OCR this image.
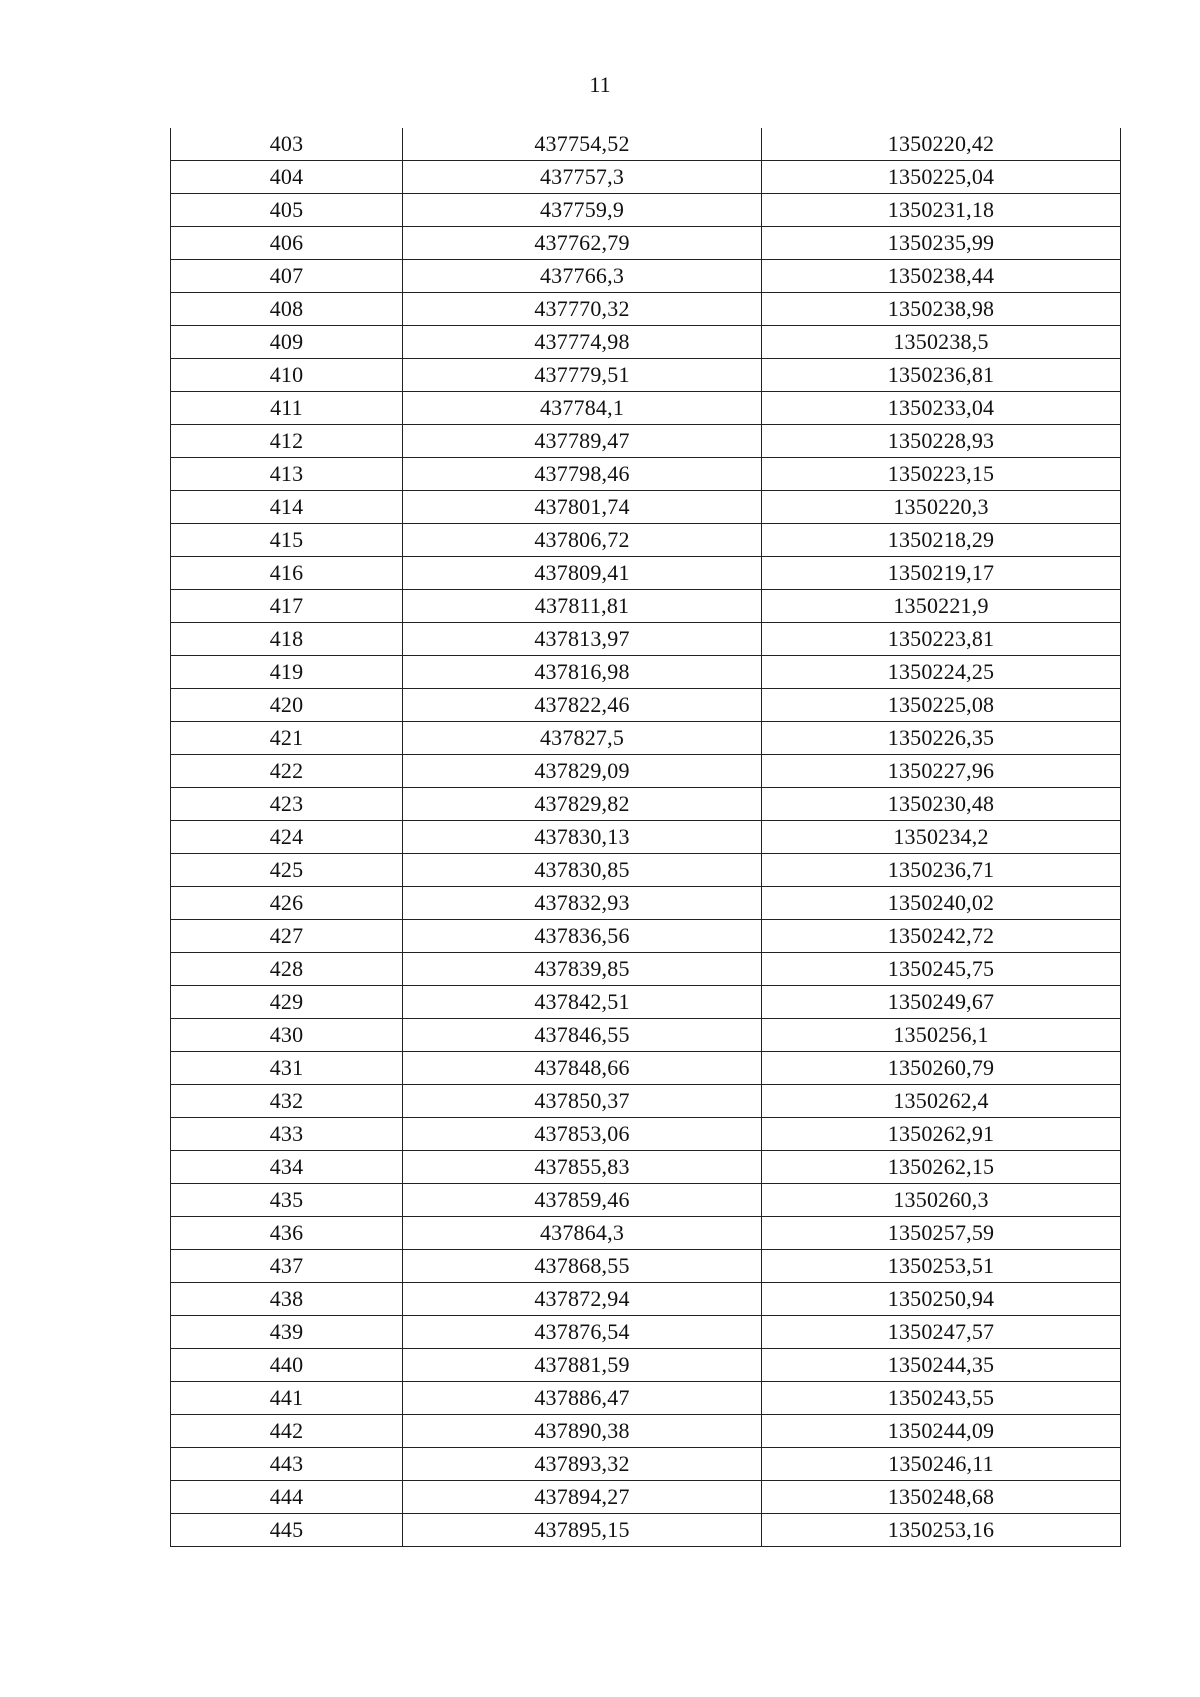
11
403	437754,52	1350220,42
404	437757,3	1350225,04
405	437759,9	1350231,18
406	437762,79	1350235,99
407	437766,3	1350238,44
408	437770,32	1350238,98
409	437774,98	1350238,5
410	437779,51	1350236,81
411	437784,1	1350233,04
412	437789,47	1350228,93
413	437798,46	1350223,15
414	437801,74	1350220,3
415	437806,72	1350218,29
416	437809,41	1350219,17
417	437811,81	1350221,9
418	437813,97	1350223,81
419	437816,98	1350224,25
420	437822,46	1350225,08
421	437827,5	1350226,35
422	437829,09	1350227,96
423	437829,82	1350230,48
424	437830,13	1350234,2
425	437830,85	1350236,71
426	437832,93	1350240,02
427	437836,56	1350242,72
428	437839,85	1350245,75
429	437842,51	1350249,67
430	437846,55	1350256,1
431	437848,66	1350260,79
432	437850,37	1350262,4
433	437853,06	1350262,91
434	437855,83	1350262,15
435	437859,46	1350260,3
436	437864,3	1350257,59
437	437868,55	1350253,51
438	437872,94	1350250,94
439	437876,54	1350247,57
440	437881,59	1350244,35
441	437886,47	1350243,55
442	437890,38	1350244,09
443	437893,32	1350246,11
444	437894,27	1350248,68
445	437895,15	1350253,16
